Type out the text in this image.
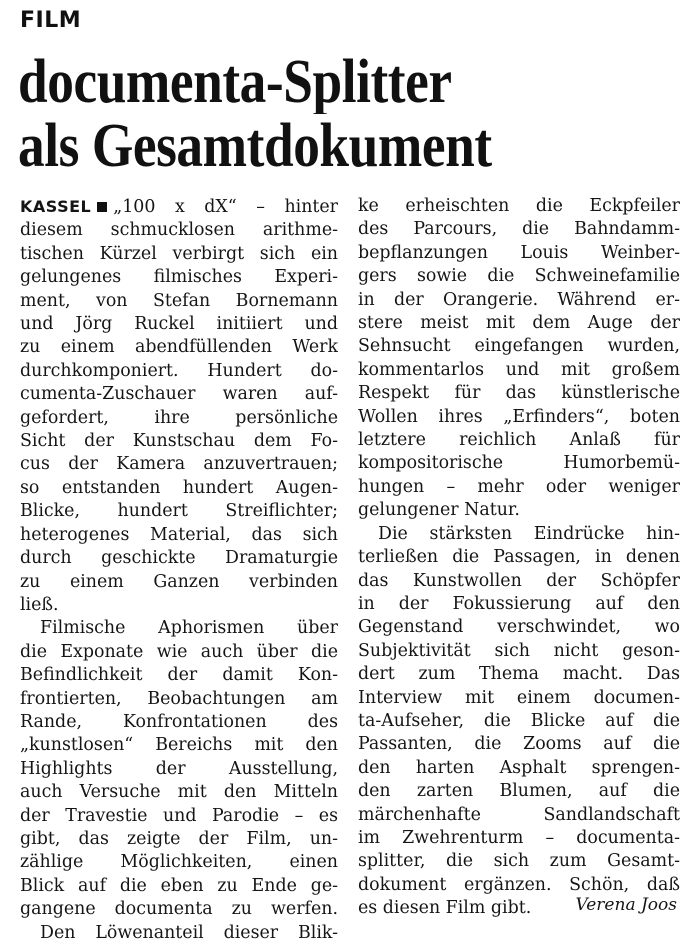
FILM
documenta-Splitter
als Gesamtdokument
KASSEL „100 x dX“ – hinter
diesem schmucklosen arithme-
tischen Kürzel verbirgt sich ein
gelungenes filmisches Experi-
ment, von Stefan Bornemann
und Jörg Ruckel initiiert und
zu einem abendfüllenden Werk
durchkomponiert. Hundert do-
cumenta-Zuschauer waren auf-
gefordert, ihre persönliche
Sicht der Kunstschau dem Fo-
cus der Kamera anzuvertrauen;
so entstanden hundert Augen-
Blicke, hundert Streiflichter;
heterogenes Material, das sich
durch geschickte Dramaturgie
zu einem Ganzen verbinden
ließ.
Filmische Aphorismen über
die Exponate wie auch über die
Befindlichkeit der damit Kon-
frontierten, Beobachtungen am
Rande, Konfrontationen des
„kunstlosen“ Bereichs mit den
Highlights der Ausstellung,
auch Versuche mit den Mitteln
der Travestie und Parodie – es
gibt, das zeigte der Film, un-
zählige Möglichkeiten, einen
Blick auf die eben zu Ende ge-
gangene documenta zu werfen.
Den Löwenanteil dieser Blik-
ke erheischten die Eckpfeiler
des Parcours, die Bahndamm-
bepflanzungen Louis Weinber-
gers sowie die Schweinefamilie
in der Orangerie. Während er-
stere meist mit dem Auge der
Sehnsucht eingefangen wurden,
kommentarlos und mit großem
Respekt für das künstlerische
Wollen ihres „Erfinders“, boten
letztere reichlich Anlaß für
kompositorische Humorbemü-
hungen – mehr oder weniger
gelungener Natur.
Die stärksten Eindrücke hin-
terließen die Passagen, in denen
das Kunstwollen der Schöpfer
in der Fokussierung auf den
Gegenstand verschwindet, wo
Subjektivität sich nicht geson-
dert zum Thema macht. Das
Interview mit einem documen-
ta-Aufseher, die Blicke auf die
Passanten, die Zooms auf die
den harten Asphalt sprengen-
den zarten Blumen, auf die
märchenhafte Sandlandschaft
im Zwehrenturm – documenta-
splitter, die sich zum Gesamt-
dokument ergänzen. Schön, daß
es diesen Film gibt.	Verena Joos
